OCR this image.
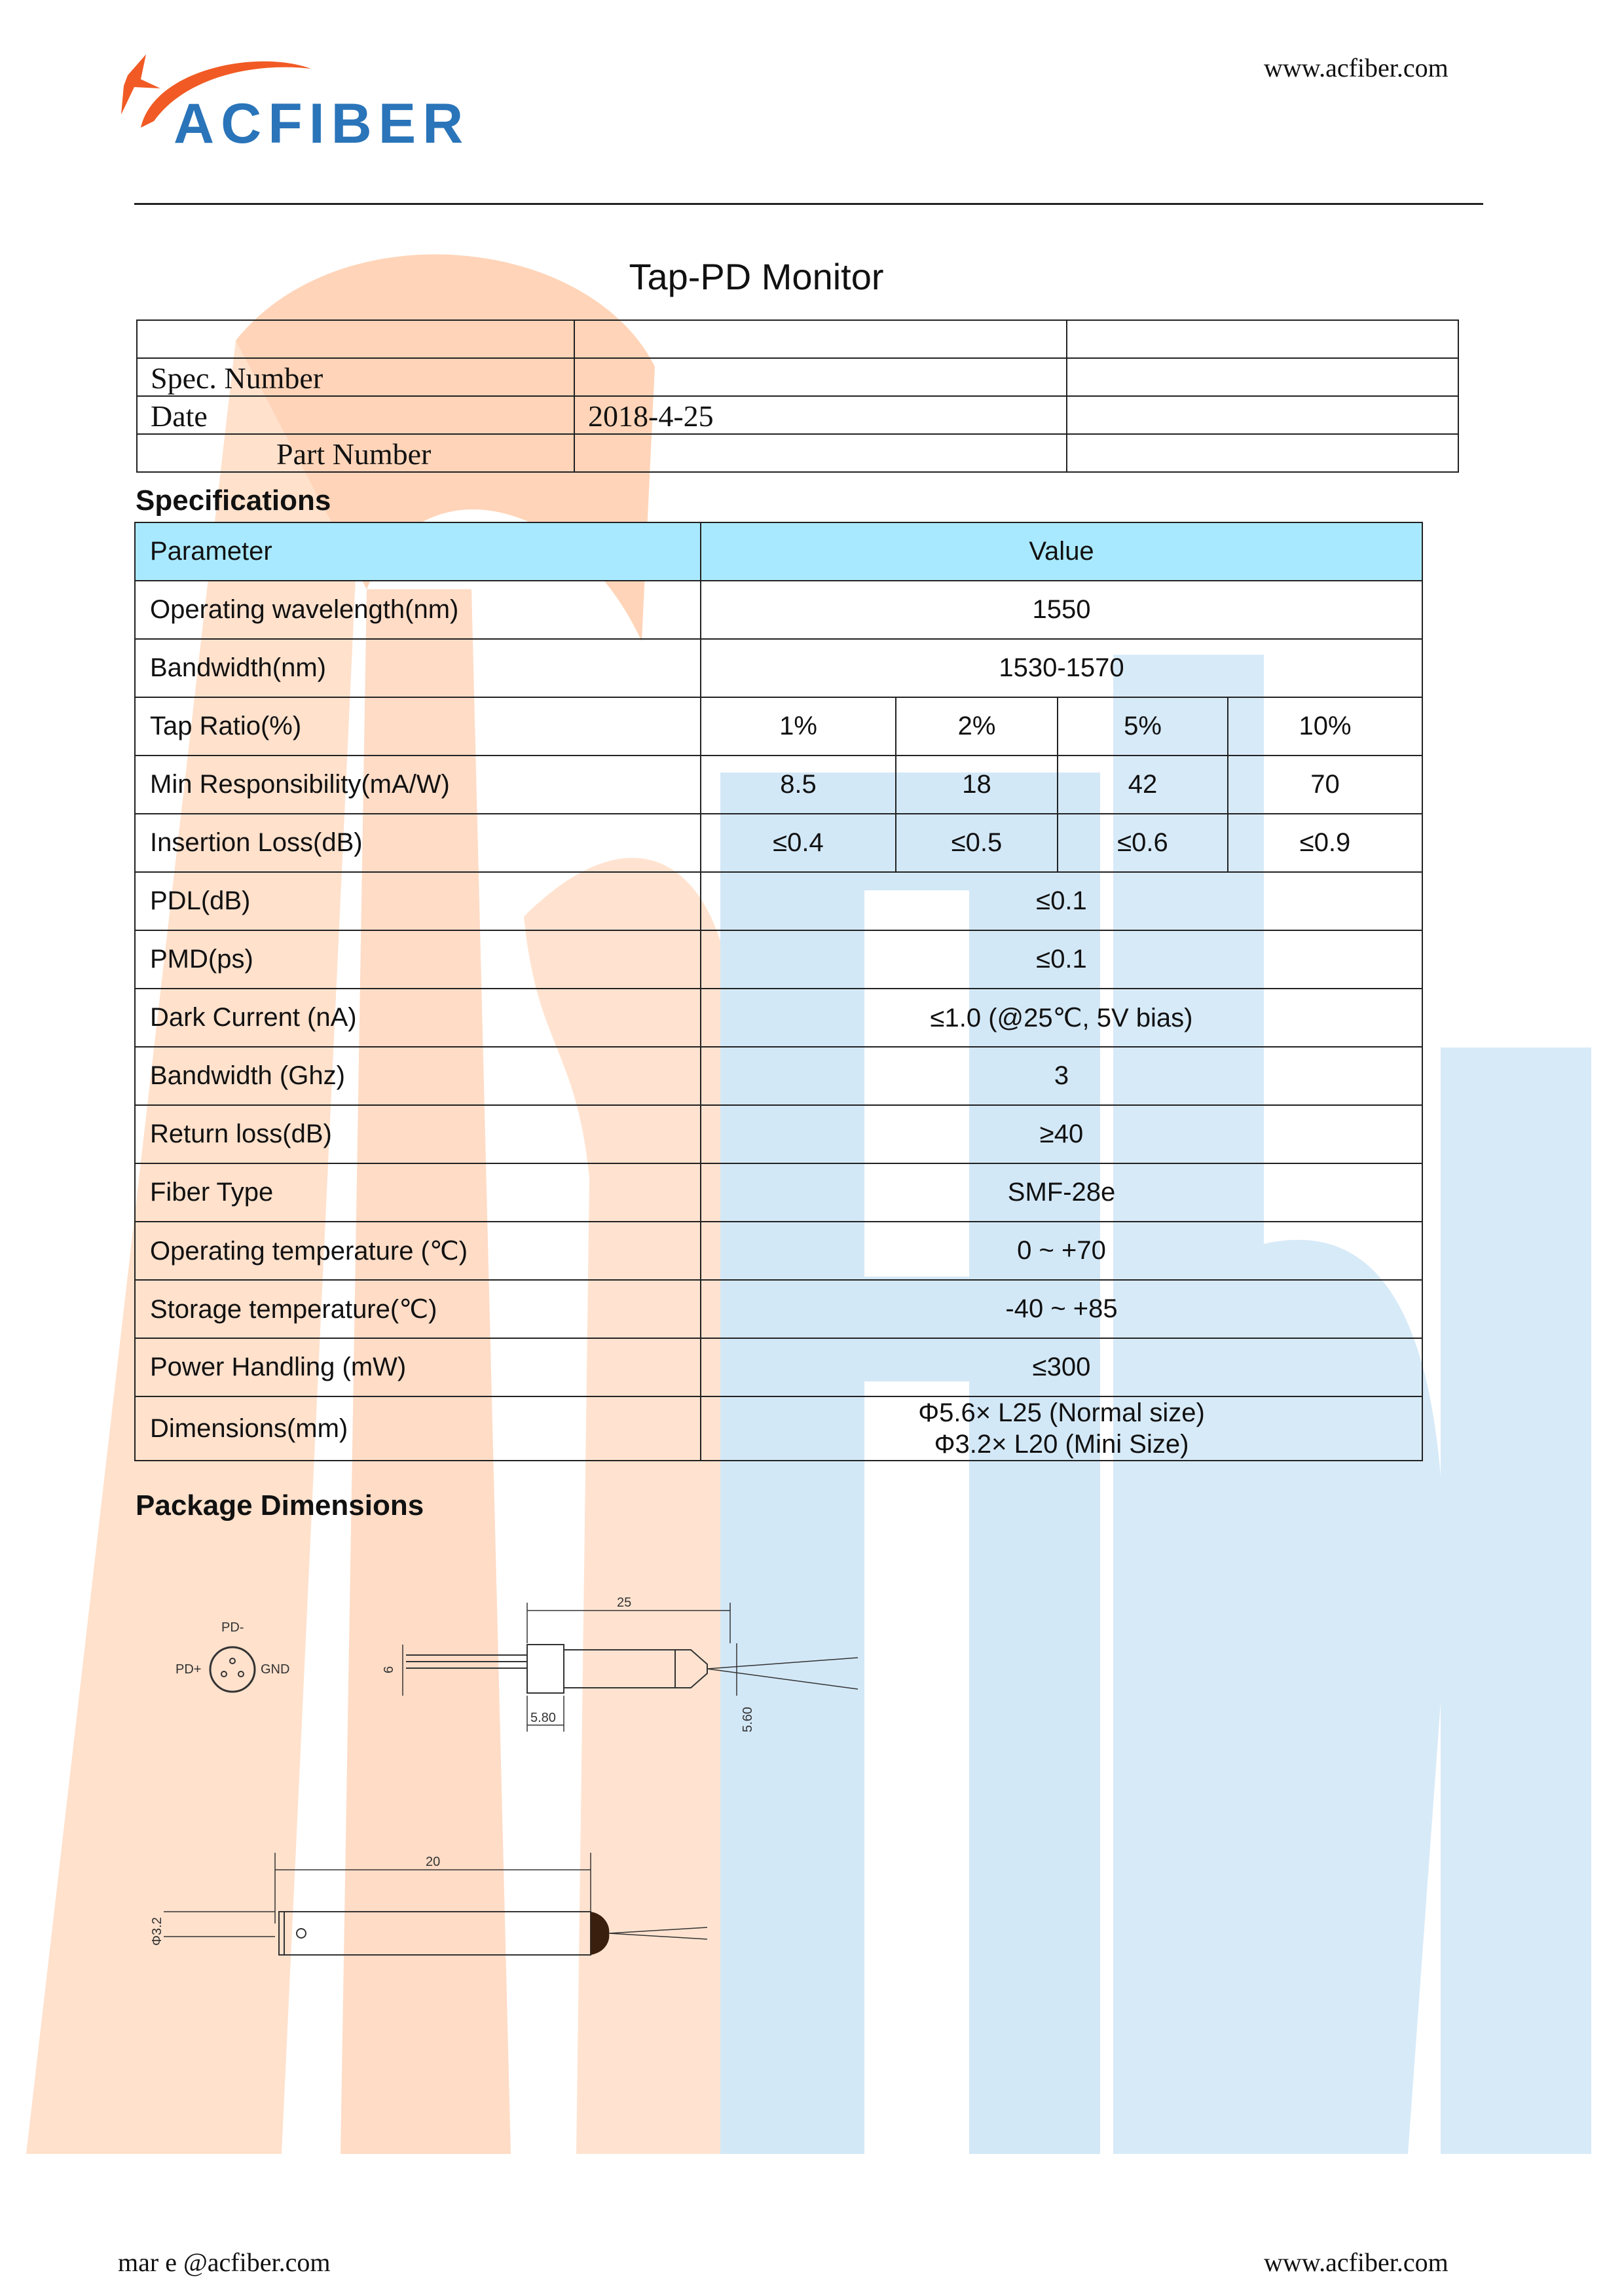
ACFIBER
www.acfiber.com
Tap-PD Monitor

Spec. Number		
Date	2018-4-25	
Part Number		
Specifications
Parameter	Value			
Operating wavelength(nm)	1550			
Bandwidth(nm)	1530-1570			
Tap Ratio(%)	1%	2%	5%	10%
Min Responsibility(mA/W)	8.5	18	42	70
Insertion Loss(dB)	≤0.4	≤0.5	≤0.6	≤0.9
PDL(dB)	≤0.1			
PMD(ps)	≤0.1			
Dark Current (nA)	≤1.0 (@25℃, 5V bias)			
Bandwidth (Ghz)	3			
Return loss(dB)	≥40			
Fiber Type	SMF-28e			
Operating temperature (℃)	0 ~ +70			
Storage temperature(℃)	-40 ~ +85			
Power Handling (mW)	≤300			
Dimensions(mm)	Φ5.6× L25 (Normal size)
Φ3.2× L20 (Mini Size)			
Package Dimensions
PD-
PD+	GND
25
6
5.80	5.60
20
Φ3.2
mar e @acfiber.com	www.acfiber.com
